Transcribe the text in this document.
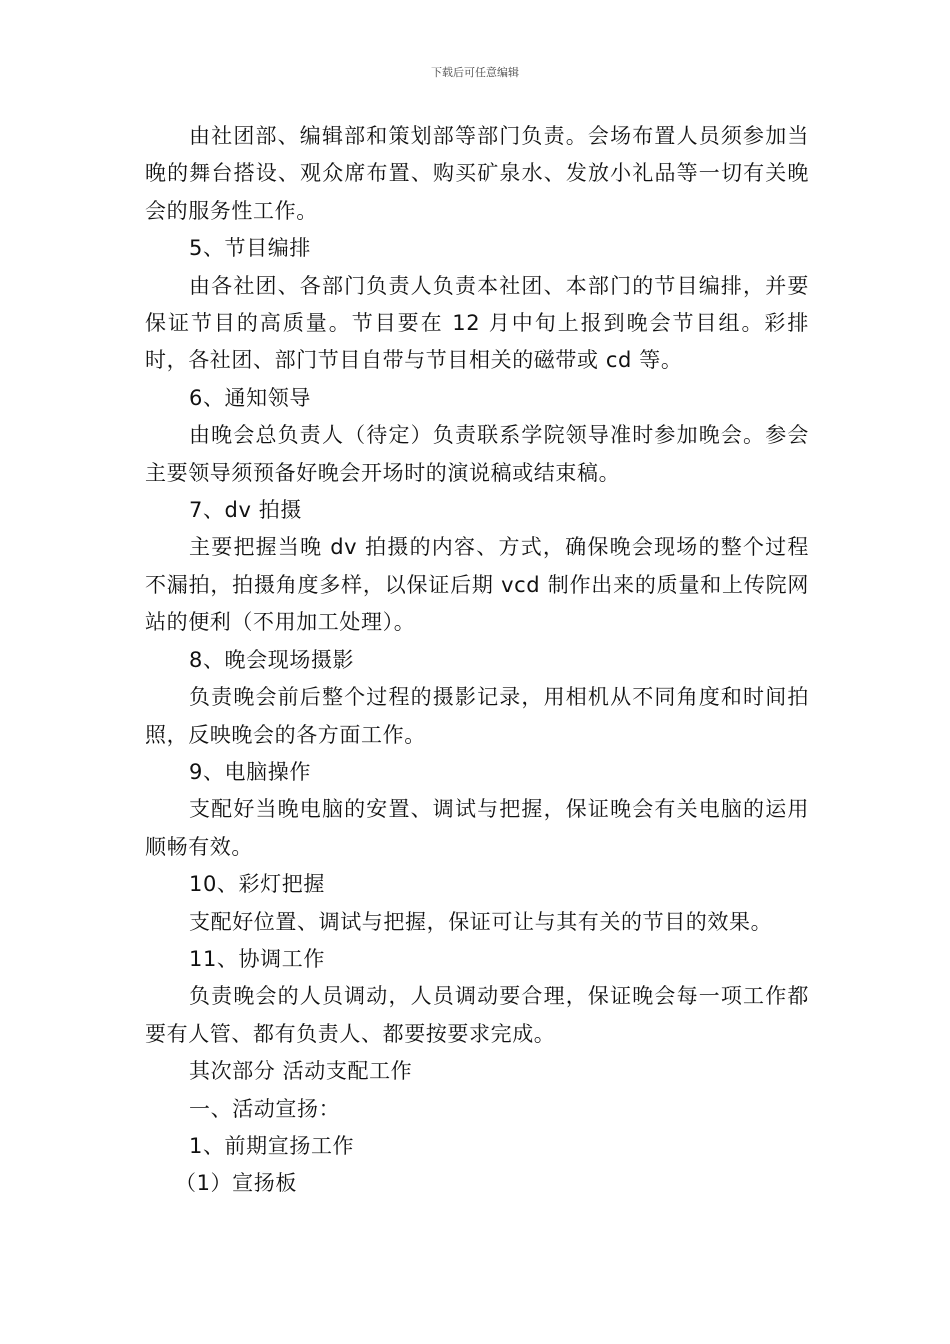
下载后可任意编辑

由社团部、编辑部和策划部等部门负责。会场布置人员须参加当晚的舞台搭设、观众席布置、购买矿泉水、发放小礼品等一切有关晚会的服务性工作。

5、节目编排

由各社团、各部门负责人负责本社团、本部门的节目编排，并要保证节目的高质量。节目要在 12 月中旬上报到晚会节目组。彩排时，各社团、部门节目自带与节目相关的磁带或 cd 等。

6、通知领导

由晚会总负责人（待定）负责联系学院领导准时参加晚会。参会主要领导须预备好晚会开场时的演说稿或结束稿。

7、dv 拍摄

主要把握当晚 dv 拍摄的内容、方式，确保晚会现场的整个过程不漏拍，拍摄角度多样，以保证后期 vcd 制作出来的质量和上传院网站的便利（不用加工处理）。

8、晚会现场摄影

负责晚会前后整个过程的摄影记录，用相机从不同角度和时间拍照，反映晚会的各方面工作。

9、电脑操作

支配好当晚电脑的安置、调试与把握，保证晚会有关电脑的运用顺畅有效。

10、彩灯把握

支配好位置、调试与把握，保证可让与其有关的节目的效果。

11、协调工作

负责晚会的人员调动，人员调动要合理，保证晚会每一项工作都要有人管、都有负责人、都要按要求完成。

其次部分 活动支配工作

一、活动宣扬：

1、前期宣扬工作

（1）宣扬板
